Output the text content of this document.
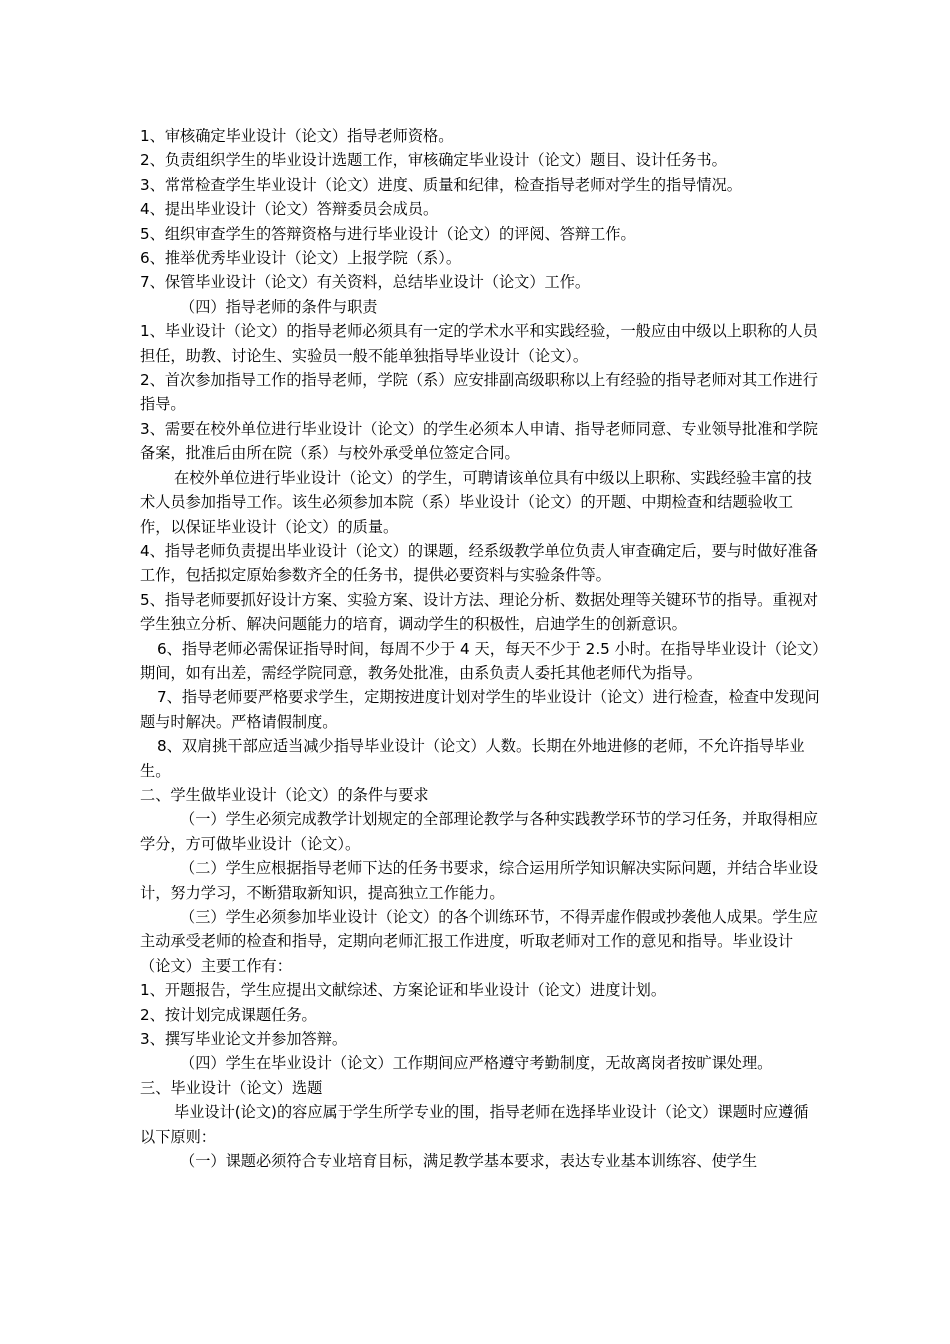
1、审核确定毕业设计（论文）指导老师资格。

2、负责组织学生的毕业设计选题工作，审核确定毕业设计（论文）题目、设计任务书。

3、常常检查学生毕业设计（论文）进度、质量和纪律，检查指导老师对学生的指导情况。

4、提出毕业设计（论文）答辩委员会成员。

5、组织审查学生的答辩资格与进行毕业设计（论文）的评阅、答辩工作。

6、推举优秀毕业设计（论文）上报学院（系）。

7、保管毕业设计（论文）有关资料，总结毕业设计（论文）工作。

（四）指导老师的条件与职责

1、毕业设计（论文）的指导老师必须具有一定的学术水平和实践经验，一般应由中级以上职称的人员担任，助教、讨论生、实验员一般不能单独指导毕业设计（论文）。

2、首次参加指导工作的指导老师，学院（系）应安排副高级职称以上有经验的指导老师对其工作进行指导。

3、需要在校外单位进行毕业设计（论文）的学生必须本人申请、指导老师同意、专业领导批准和学院备案，批准后由所在院（系）与校外承受单位签定合同。

在校外单位进行毕业设计（论文）的学生，可聘请该单位具有中级以上职称、实践经验丰富的技术人员参加指导工作。该生必须参加本院（系）毕业设计（论文）的开题、中期检查和结题验收工作，以保证毕业设计（论文）的质量。

4、指导老师负责提出毕业设计（论文）的课题，经系级教学单位负责人审查确定后，要与时做好准备工作，包括拟定原始参数齐全的任务书，提供必要资料与实验条件等。

5、指导老师要抓好设计方案、实验方案、设计方法、理论分析、数据处理等关键环节的指导。重视对学生独立分析、解决问题能力的培育，调动学生的积极性，启迪学生的创新意识。

6、指导老师必需保证指导时间，每周不少于 4 天，每天不少于 2.5 小时。在指导毕业设计（论文）期间，如有出差，需经学院同意，教务处批准，由系负责人委托其他老师代为指导。

7、指导老师要严格要求学生，定期按进度计划对学生的毕业设计（论文）进行检查，检查中发现问题与时解决。严格请假制度。

8、双肩挑干部应适当减少指导毕业设计（论文）人数。长期在外地进修的老师，不允许指导毕业生。

二、学生做毕业设计（论文）的条件与要求

（一）学生必须完成教学计划规定的全部理论教学与各种实践教学环节的学习任务，并取得相应学分，方可做毕业设计（论文）。

（二）学生应根据指导老师下达的任务书要求，综合运用所学知识解决实际问题，并结合毕业设计，努力学习，不断猎取新知识，提高独立工作能力。

（三）学生必须参加毕业设计（论文）的各个训练环节，不得弄虚作假或抄袭他人成果。学生应主动承受老师的检查和指导，定期向老师汇报工作进度，听取老师对工作的意见和指导。毕业设计（论文）主要工作有：

1、开题报告，学生应提出文献综述、方案论证和毕业设计（论文）进度计划。

2、按计划完成课题任务。

3、撰写毕业论文并参加答辩。

（四）学生在毕业设计（论文）工作期间应严格遵守考勤制度，无故离岗者按旷课处理。

三、毕业设计（论文）选题

毕业设计(论文)的容应属于学生所学专业的围，指导老师在选择毕业设计（论文）课题时应遵循以下原则：

（一）课题必须符合专业培育目标，满足教学基本要求，表达专业基本训练容、使学生
